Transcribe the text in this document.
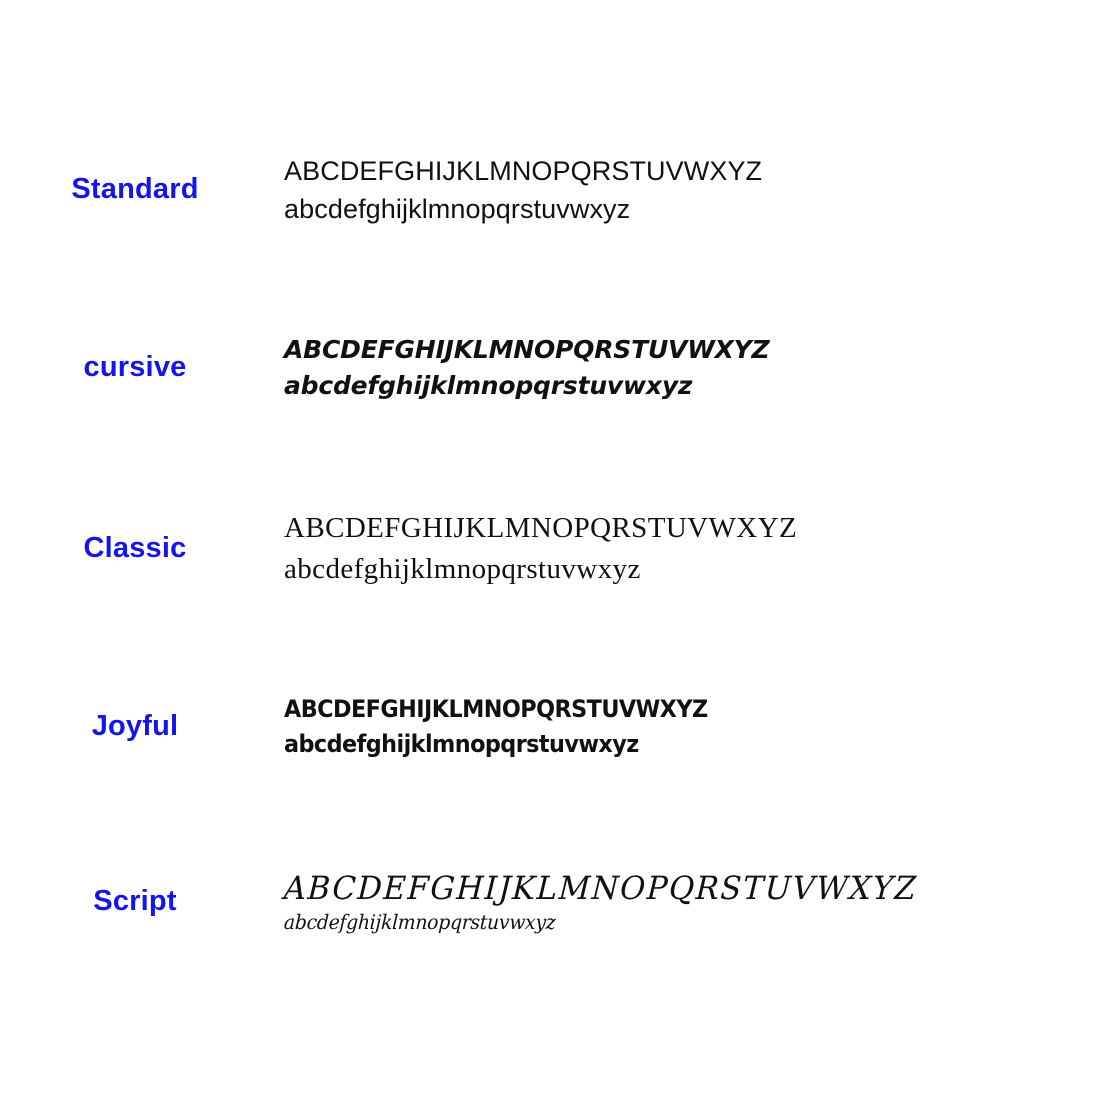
Standard
ABCDEFGHIJKLMNOPQRSTUVWXYZ
abcdefghijklmnopqrstuvwxyz
cursive
ABCDEFGHIJKLMNOPQRSTUVWXYZ
abcdefghijklmnopqrstuvwxyz
Classic
ABCDEFGHIJKLMNOPQRSTUVWXYZ
abcdefghijklmnopqrstuvwxyz
Joyful
ABCDEFGHIJKLMNOPQRSTUVWXYZ
abcdefghijklmnopqrstuvwxyz
Script	ABCDEFGHIJKLMNOPQRSTUVWXYZ
abcdefghijklmnopqrstuvwxyz
